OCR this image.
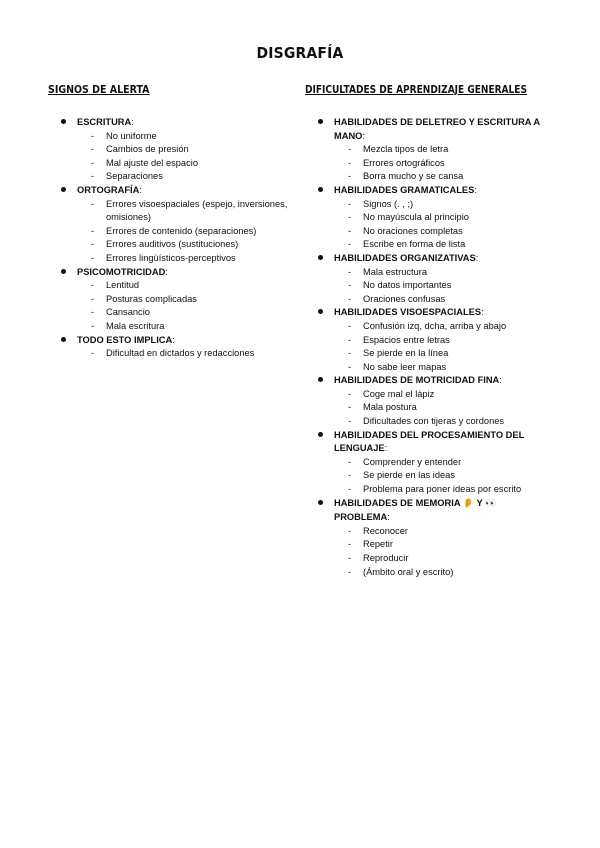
DISGRAFÍA
SIGNOS DE ALERTA
ESCRITURA:
- No uniforme
- Cambios de presión
- Mal ajuste del espacio
- Separaciones
ORTOGRAFÍA:
- Errores visoespaciales (espejo, inversiones, omisiones)
- Errores de contenido (separaciones)
- Errores auditivos (sustituciones)
- Errores lingüísticos-perceptivos
PSICOMOTRICIDAD:
- Lentitud
- Posturas complicadas
- Cansancio
- Mala escritura
TODO ESTO IMPLICA:
- Dificultad en dictados y redacciones
DIFICULTADES DE APRENDIZAJE GENERALES
HABILIDADES DE DELETREO Y ESCRITURA A MANO:
- Mezcla tipos de letra
- Errores ortográficos
- Borra mucho y se cansa
HABILIDADES GRAMATICALES:
- Signos (. , ;)
- No mayúscula al principio
- No oraciones completas
- Escribe en forma de lista
HABILIDADES ORGANIZATIVAS:
- Mala estructura
- No datos importantes
- Oraciones confusas
HABILIDADES VISOESPACIALES:
- Confusión izq, dcha, arriba y abajo
- Espacios entre letras
- Se pierde en la línea
- No sabe leer mapas
HABILIDADES DE MOTRICIDAD FINA:
- Coge mal el lápiz
- Mala postura
- Dificultades con tijeras y cordones
HABILIDADES DEL PROCESAMIENTO DEL LENGUAJE:
- Comprender y entender
- Se pierde en las ideas
- Problema para poner ideas por escrito
HABILIDADES DE MEMORIA 👂 Y 👀
PROBLEMA:
- Reconocer
- Repetir
- Reproducir
- (Ámbito oral y escrito)
